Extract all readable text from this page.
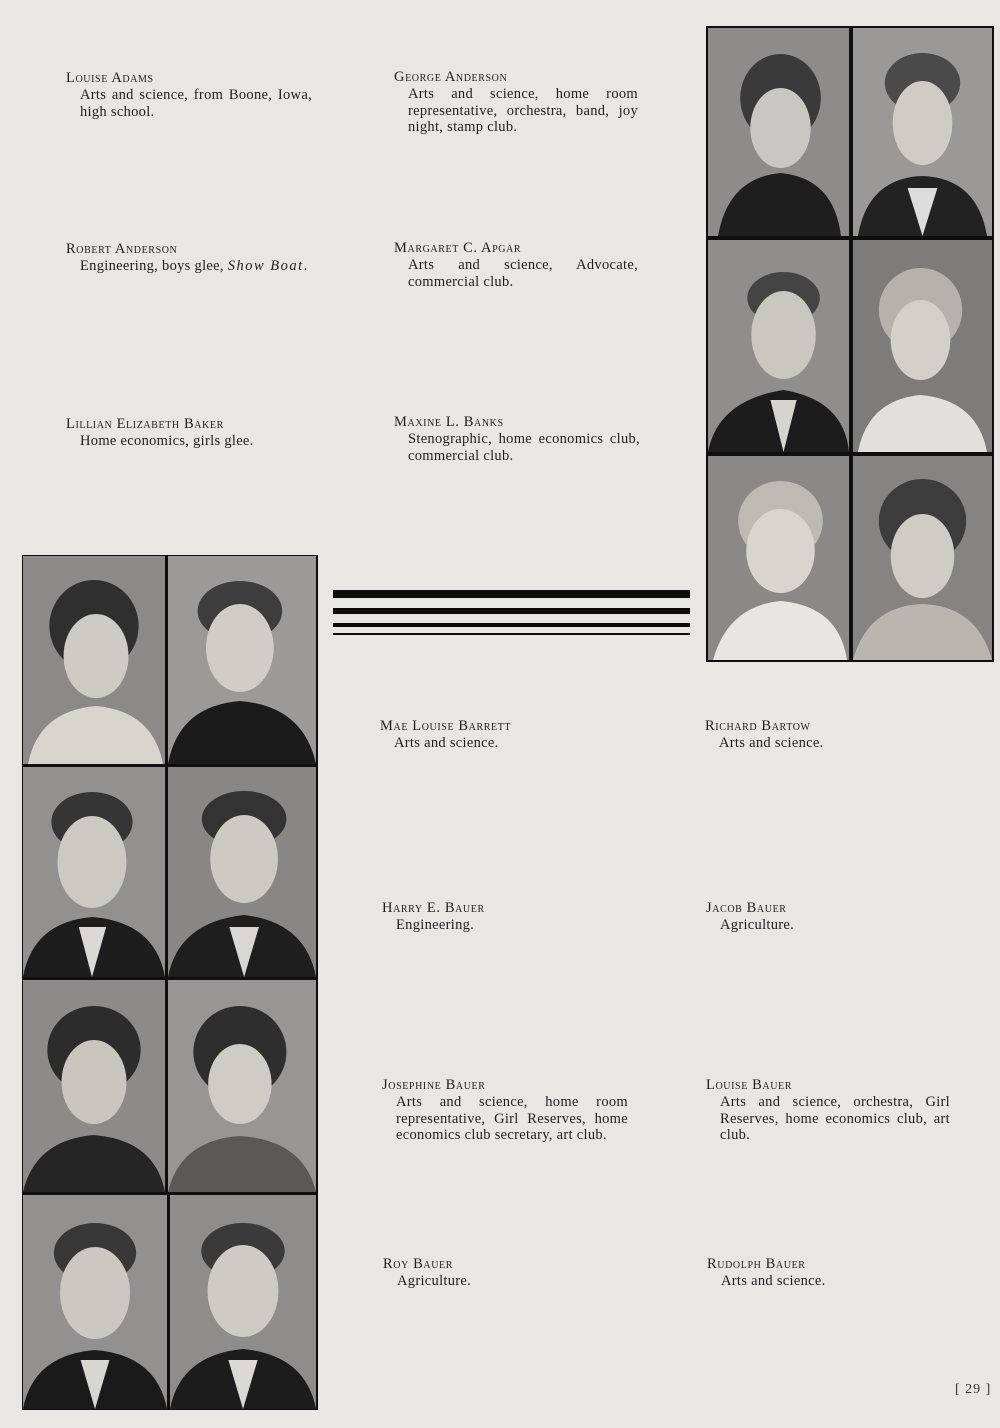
Louise Adams
Arts and science, from Boone, Iowa, high school.
George Anderson
Arts and science, home room representative, orchestra, band, joy night, stamp club.
Robert Anderson
Engineering, boys glee, Show Boat.
Margaret C. Apgar
Arts and science, Advocate, commercial club.
Lillian Elizabeth Baker
Home economics, girls glee.
Maxine L. Banks
Stenographic, home economics club, commercial club.
Mae Louise Barrett
Arts and science.
Richard Bartow
Arts and science.
Harry E. Bauer
Engineering.
Jacob Bauer
Agriculture.
Josephine Bauer
Arts and science, home room representative, Girl Reserves, home economics club secretary, art club.
Louise Bauer
Arts and science, orchestra, Girl Reserves, home economics club, art club.
Roy Bauer
Agriculture.
Rudolph Bauer
Arts and science.
[ 29 ]
